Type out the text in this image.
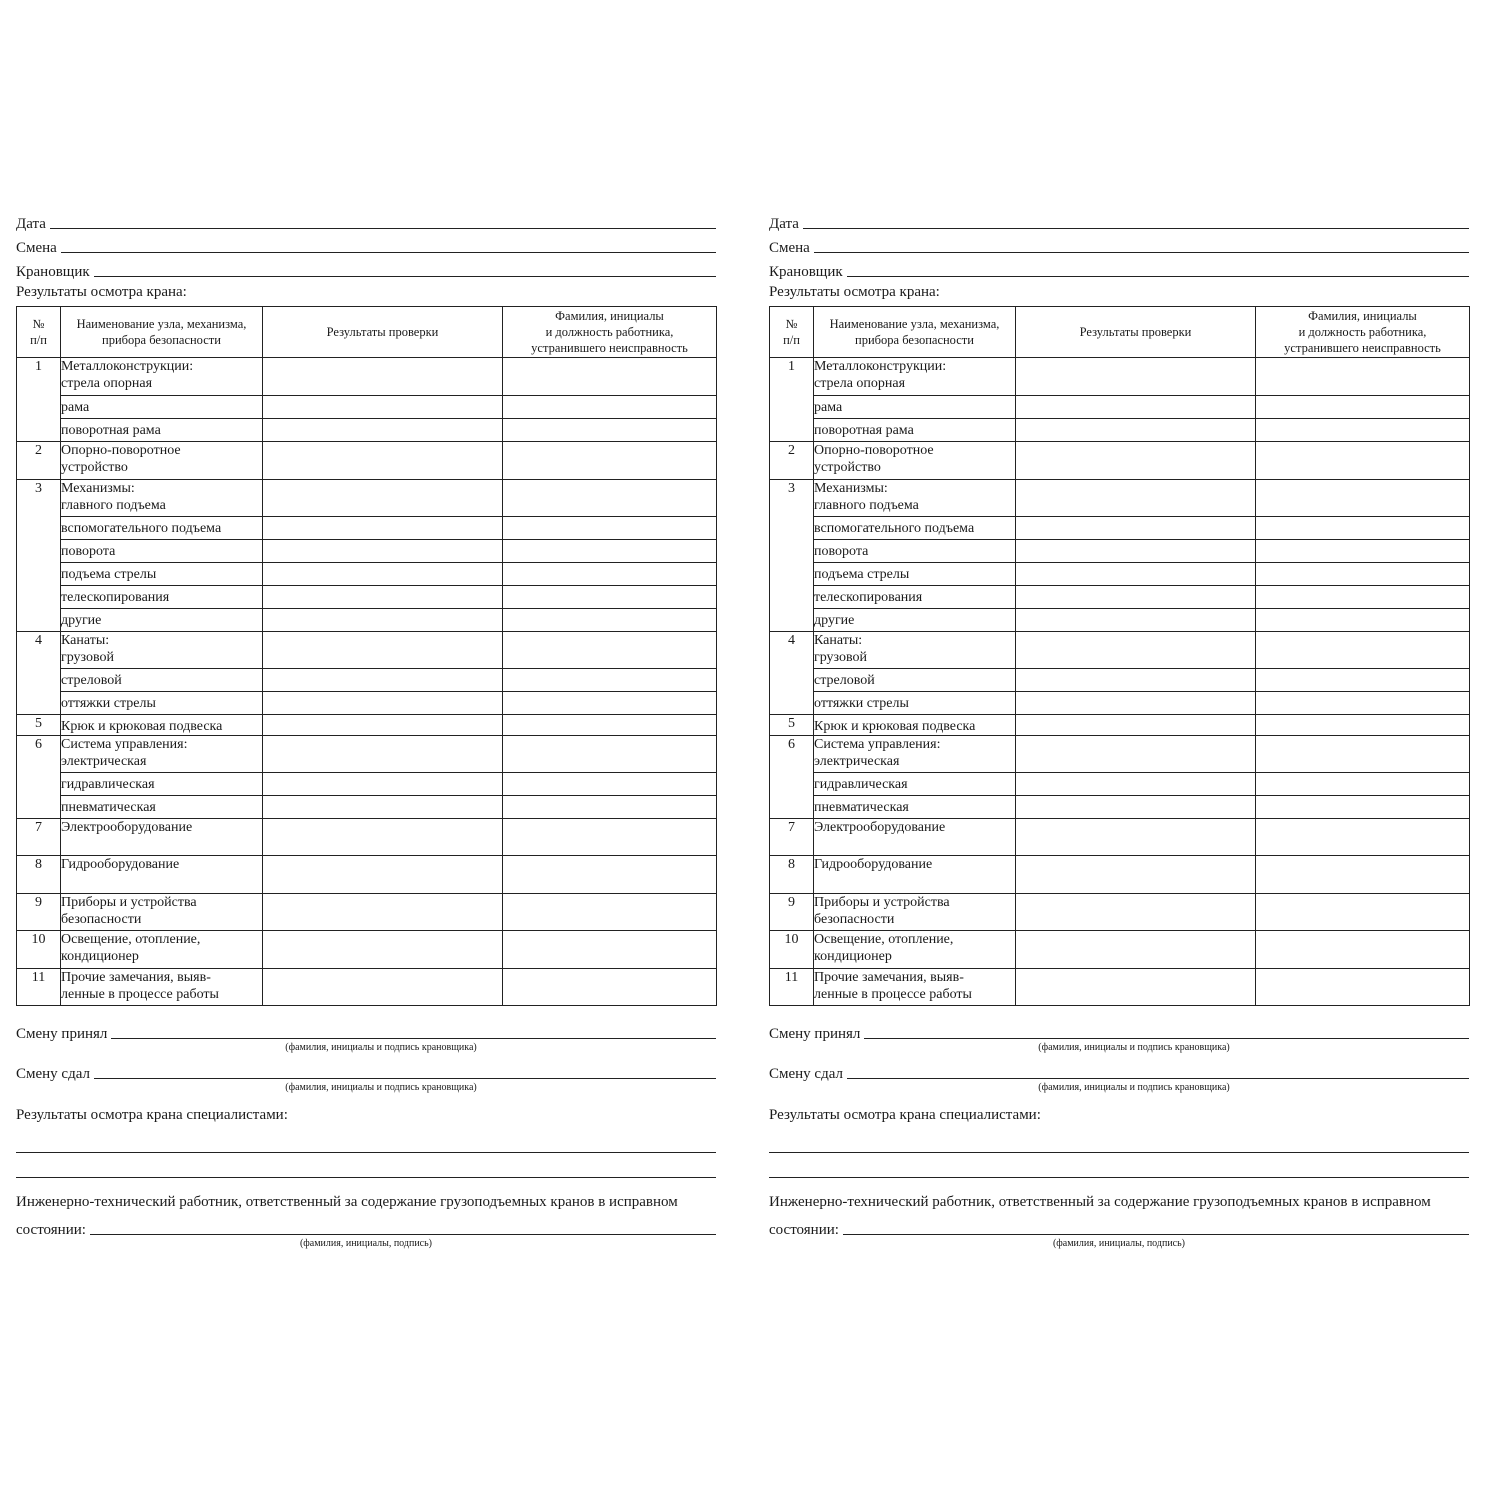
Дата
Смена
Крановщик
Результаты осмотра крана:
№
п/п	Наименование узла, механизма,
прибора безопасности	Результаты проверки	Фамилия, инициалы
и должность работника,
устранившего неисправность
1	Металлоконструкции:
стрела опорная		

	рама		

	поворотная рама		

2	Опорно-поворотное
устройство		

3	Механизмы:
главного подъема		

	вспомогательного подъема		

	поворота		

	подъема стрелы		

	телескопирования		

	другие		

4	Канаты:
грузовой		

	стреловой		

	оттяжки стрелы		

5	Крюк и крюковая подвеска		

6	Система управления:
электрическая		

	гидравлическая		

	пневматическая		

7	Электрооборудование		

8	Гидрооборудование		

9	Приборы и устройства
безопасности		

10	Освещение, отопление,
кондиционер		

11	Прочие замечания, выяв-
ленные в процессе работы		

Смену принял
(фамилия, инициалы и подпись крановщика)
Смену сдал
(фамилия, инициалы и подпись крановщика)
Результаты осмотра крана специалистами:
Инженерно-технический работник, ответственный за содержание грузоподъемных кранов в исправном
состоянии:
(фамилия, инициалы, подпись)
Дата
Смена
Крановщик
Результаты осмотра крана:
№
п/п	Наименование узла, механизма,
прибора безопасности	Результаты проверки	Фамилия, инициалы
и должность работника,
устранившего неисправность
1	Металлоконструкции:
стрела опорная		

	рама		

	поворотная рама		

2	Опорно-поворотное
устройство		

3	Механизмы:
главного подъема		

	вспомогательного подъема		

	поворота		

	подъема стрелы		

	телескопирования		

	другие		

4	Канаты:
грузовой		

	стреловой		

	оттяжки стрелы		

5	Крюк и крюковая подвеска		

6	Система управления:
электрическая		

	гидравлическая		

	пневматическая		

7	Электрооборудование		

8	Гидрооборудование		

9	Приборы и устройства
безопасности		

10	Освещение, отопление,
кондиционер		

11	Прочие замечания, выяв-
ленные в процессе работы		

Смену принял
(фамилия, инициалы и подпись крановщика)
Смену сдал
(фамилия, инициалы и подпись крановщика)
Результаты осмотра крана специалистами:
Инженерно-технический работник, ответственный за содержание грузоподъемных кранов в исправном
состоянии:
(фамилия, инициалы, подпись)
